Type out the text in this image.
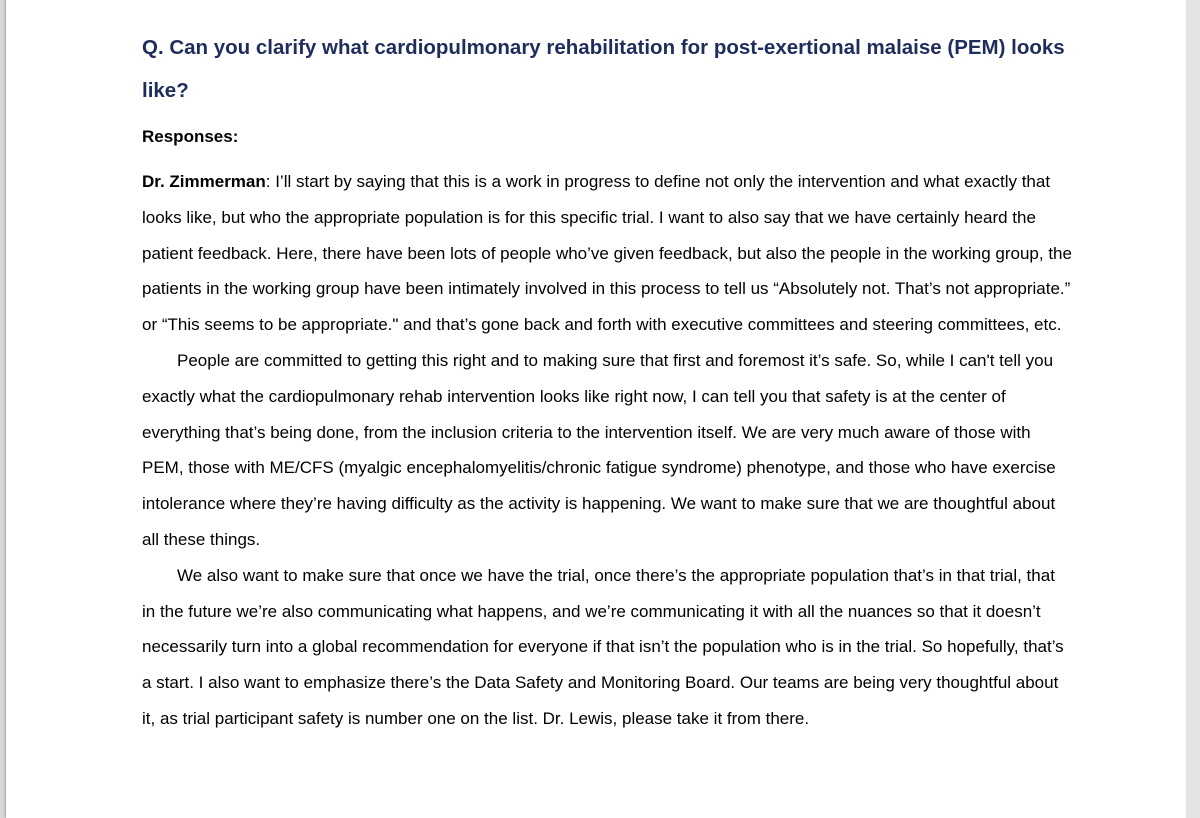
Q. Can you clarify what cardiopulmonary rehabilitation for post-exertional malaise (PEM) looks like?

Responses:

Dr. Zimmerman: I’ll start by saying that this is a work in progress to define not only the intervention and what exactly that looks like, but who the appropriate population is for this specific trial. I want to also say that we have certainly heard the patient feedback. Here, there have been lots of people who’ve given feedback, but also the people in the working group, the patients in the working group have been intimately involved in this process to tell us “Absolutely not. That’s not appropriate.” or “This seems to be appropriate." and that’s gone back and forth with executive committees and steering committees, etc.

People are committed to getting this right and to making sure that first and foremost it’s safe. So, while I can't tell you exactly what the cardiopulmonary rehab intervention looks like right now, I can tell you that safety is at the center of everything that’s being done, from the inclusion criteria to the intervention itself. We are very much aware of those with PEM, those with ME/CFS (myalgic encephalomyelitis/chronic fatigue syndrome) phenotype, and those who have exercise intolerance where they’re having difficulty as the activity is happening. We want to make sure that we are thoughtful about all these things.

We also want to make sure that once we have the trial, once there’s the appropriate population that’s in that trial, that in the future we’re also communicating what happens, and we’re communicating it with all the nuances so that it doesn’t necessarily turn into a global recommendation for everyone if that isn’t the population who is in the trial. So hopefully, that’s a start. I also want to emphasize there’s the Data Safety and Monitoring Board. Our teams are being very thoughtful about it, as trial participant safety is number one on the list. Dr. Lewis, please take it from there.
